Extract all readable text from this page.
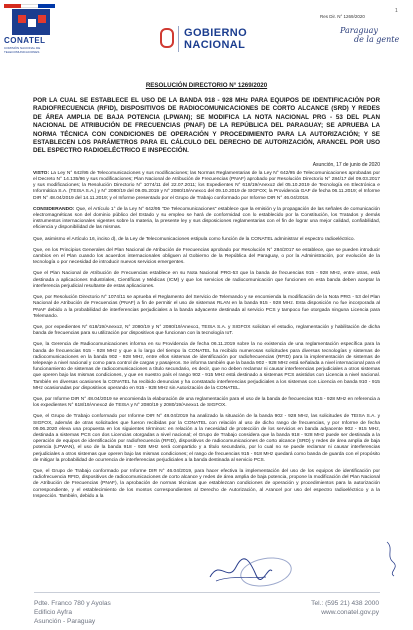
CONATEL
COMISIÓN NACIONAL DE TELECOMUNICACIONES
GOBIERNO
NACIONAL
Paraguay
de la gente
Res Dir. N° 1269/2020
1
RESOLUCIÓN DIRECTORIO N° 1269/2020
POR LA CUAL SE ESTABLECE EL USO DE LA BANDA 918 - 928 MHz PARA EQUIPOS DE IDENTIFICACIÓN POR RADIOFRECUENCIA (RFID), DISPOSITIVOS DE RADIOCOMUNICACIONES DE CORTO ALCANCE (SRD) Y REDES DE ÁREA AMPLIA DE BAJA POTENCIA (LPWAN); SE MODIFICA LA NOTA NACIONAL PRG - 53 DEL PLAN NACIONAL DE ATRIBUCIÓN DE FRECUENCIAS (PNAF) DE LA REPÚBLICA DEL PARAGUAY; SE APRUEBA LA NORMA TÉCNICA CON CONDICIONES DE OPERACIÓN Y PROCEDIMIENTO PARA LA AUTORIZACIÓN; Y SE ESTABLECEN LOS PARÁMETROS PARA EL CÁLCULO DEL DERECHO DE AUTORIZACIÓN, ARANCEL POR USO DEL ESPECTRO RADIOELÉCTRICO E INSPECCIÓN.
Asunción, 17 de junio de 2020

VISTO: La Ley N° 642/95 de Telecomunicaciones y sus modificaciones; las Normas Reglamentarias de la Ley N° 642/95 de Telecomunicaciones aprobadas por el Decreto N° 14.135/96 y sus modificaciones; Plan Nacional de Atribución de Frecuencias (PNAF) aprobado por Resolución Directorio N° 284/17 del 09.03.2017 y sus modificaciones; la Resolución Directorio N° 1074/11 del 22.07.2011; los Expedientes N° 618/19/Anexo2 del 05.10.2019 de Tecnología en Electrónica e Informática S.A. (TEISA S.A.) y N° 2080/19 del 09.05.2019 y N° 2080/19/Anexo1 del 09.10.2019 de SIGFOX; la Providencia GAF de fecha 06.11.2019; el Informe DIR N° 48.04/2019 del 14.11.2019; y el Informe presentado por el Grupo de Trabajo conformado por Informe DIR N° 46.04/2018.

CONSIDERANDO: Que, el Artículo 1° de la Ley N° 642/95 "De Telecomunicaciones" establece que la emisión y la propagación de las señales de comunicación electromagnéticas son del dominio público del Estado y su empleo se hará de conformidad con lo establecido por la Constitución, los Tratados y demás instrumentos internacionales vigentes sobre la materia, la presente ley y sus disposiciones reglamentarias con el fin de lograr una mejor calidad, confiabilidad, eficiencia y disponibilidad de las mismas.

Que, asimismo el Artículo 16, inciso d), de la Ley de Telecomunicaciones estipula como función de la CONATEL administrar el espectro radioeléctrico.

Que, en los Principios Generales del Plan Nacional de Atribución de Frecuencias aprobado por Resolución N° 284/2017 se establece, que se pueden introducir cambios en el Plan cuando los acuerdos internacionales obliguen al Gobierno de la República del Paraguay, o por la Administración, por evolución de la tecnología o por necesidad de introducir nuevos servicios emergentes.

Que el Plan Nacional de Atribución de Frecuencias establece en su Nota Nacional PRG-53 que la banda de frecuencias 915 - 928 MHz, entre otras, está destinada a aplicaciones Industriales, Científicas y Médicas (ICM) y que los servicios de radiocomunicación que funcionen en esta banda deben aceptar la interferencia perjudicial resultante de estas aplicaciones.

Que, por Resolución Directorio N° 1074/11 se aprueba el Reglamento del Servicio de Telemando y se encomienda la modificación de la Nota PRG - 53 del Plan Nacional de Atribución de Frecuencias (PNAF) a fin de permitir el uso de sistemas RLAN en la banda 915 - 928 MHz. Esta disposición no fue incorporada al PNAF debido a la probabilidad de interferencias perjudiciales a la banda adyacente destinada al servicio PCS y tampoco fue otorgada ninguna Licencia para Telemando.

Que, por expedientes N° 618/19/Anexo2, N° 2080/19 y N° 2080/19/Anexo1, TEISA S.A. y SIGFOX solicitan el estudio, reglamentación y habilitación de dicha banda de frecuencias para su utilización por dispositivos que funcionan con la tecnología IoT.

Que, la Gerencia de Radiocomunicaciones informa en su Providencia de fecha 06.11.2019 sobre la no existencia de una reglamentación específica para la banda de frecuencias 915 - 928 MHz y que a lo largo del tiempo la CONATEL ha recibido numerosas solicitudes para diversas tecnologías y sistemas de radiocomunicaciones en la banda 902 - 928 MHz, entre ellos sistemas de identificación por radiofrecuencias (RFID) para la implementación de sistemas de telepeaje a nivel nacional y como para control de cargas y pasajeros. Se informa también que la banda 902 - 928 MHz está señalada a nivel internacional para el funcionamiento de sistemas de radiocomunicaciones a título secundario, es decir, que no deben reclamar ni causar interferencias perjudiciales a otros sistemas que operen bajo las mismas condiciones, y que en nuestro país el rango 902 - 915 MHz está destinado a sistemas PCS asistidos con Licencia a nivel nacional. También en diversas ocasiones la CONATEL ha recibido denuncias y ha constatado interferencias perjudiciales a los sistemas con Licencia en banda 910 - 915 MHz ocasionadas por dispositivos operando en 915 - 928 MHz sin Autorización de la CONATEL.

Que, por Informe DIR N° 48.04/2019 se encomienda la elaboración de una reglamentación para el uso de la banda de frecuencias 915 - 928 MHz en referencia a los expedientes N° 618/19/Anexo2 de TEISA y N° 2080/19 y 2080/19/Anexo1 de SIGFOX.

Que, el Grupo de Trabajo conformado por Informe DIR N° 48.04/2019 ha analizado la situación de la banda 902 - 928 MHz, las solicitudes de TEISA S.A. y SIGFOX, además de otras solicitudes que fueron recibidas por la CONATEL con relación al uso de dicho rango de frecuencias, y por Informe de fecha 09.06.2020 eleva una propuesta en los siguientes términos: en relación a la necesidad de protección de los servicios en banda adyacente 902 - 915 MHz, destinada a sistemas PCS con dos Licencias otorgadas a nivel nacional; el Grupo de Trabajo considera que la banda 918 - 928 MHz puede ser destinada a la operación de equipos de identificación por radiofrecuencia (RFID), dispositivos de radiocomunicaciones de corto alcance (SRD) y redes de área amplia de baja potencia (LPWAN), el uso de la banda 918 - 928 MHz será compartido y a título secundario, por lo cual no se puede reclamar ni causar interferencias perjudiciales a otros sistemas que operen bajo las mismas condiciones; el rango de frecuencias 915 - 918 MHz quedará como banda de guarda con el propósito de mitigar la probabilidad de ocurrencia de interferencias perjudiciales a la banda destinada al servicio PCS.

Que, el Grupo de Trabajo conformado por Informe DIR N° 46.04/2019, para hacer efectiva la implementación del uso de los equipos de identificación por radiofrecuencia RFID, dispositivos de radiocomunicaciones de corto alcance y redes de área amplia de baja potencia, propone la modificación del Plan Nacional de Atribución de Frecuencias (PNAF), la aprobación de normas técnicas que establezcan condiciones de operación y procedimientos para la autorización correspondiente, y el establecimiento de los montos correspondientes al Derecho de Autorización, al Arancel por uso del espectro radioeléctrico y a la Inspección. También, debido a la

Pdte. Franco 780 y Ayolas
Edificio Ayfra
Asunción - Paraguay
Tel.: (595 21) 438 2000
www.conatel.gov.py
